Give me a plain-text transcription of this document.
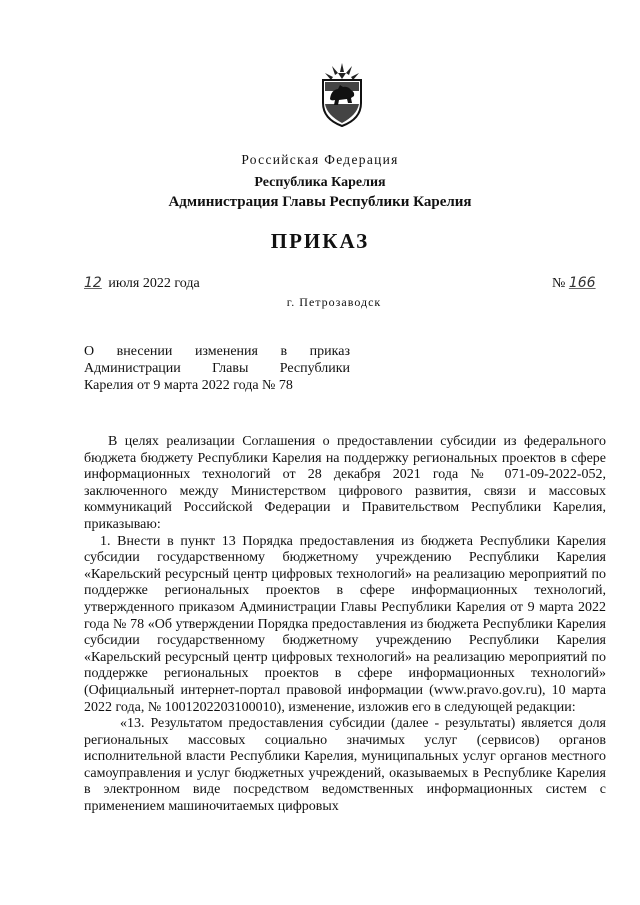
Российская Федерация
Республика Карелия
Администрация Главы Республики Карелия
ПРИКАЗ
12 июля 2022 года	№ 166
г. Петрозаводск
О внесении изменения в приказ
Администрации Главы Республики
Карелия от 9 марта 2022 года № 78

В целях реализации Соглашения о предоставлении субсидии из федерального бюджета бюджету Республики Карелия на поддержку региональных проектов в сфере информационных технологий от 28 декабря 2021 года № 071-09-2022-052, заключенного между Министерством цифрового развития, связи и массовых коммуникаций Российской Федерации и Правительством Республики Карелия, приказываю:

1. Внести в пункт 13 Порядка предоставления из бюджета Республики Карелия субсидии государственному бюджетному учреждению Республики Карелия «Карельский ресурсный центр цифровых технологий» на реализацию мероприятий по поддержке региональных проектов в сфере информационных технологий, утвержденного приказом Администрации Главы Республики Карелия от 9 марта 2022 года № 78 «Об утверждении Порядка предоставления из бюджета Республики Карелия субсидии государственному бюджетному учреждению Республики Карелия «Карельский ресурсный центр цифровых технологий» на реализацию мероприятий по поддержке региональных проектов в сфере информационных технологий» (Официальный интернет-портал правовой информации (www.pravo.gov.ru), 10 марта 2022 года, № 1001202203100010), изменение, изложив его в следующей редакции:

«13. Результатом предоставления субсидии (далее - результаты) является доля региональных массовых социально значимых услуг (сервисов) органов исполнительной власти Республики Карелия, муниципальных услуг органов местного самоуправления и услуг бюджетных учреждений, оказываемых в Республике Карелия в электронном виде посредством ведомственных информационных систем с применением машиночитаемых цифровых
